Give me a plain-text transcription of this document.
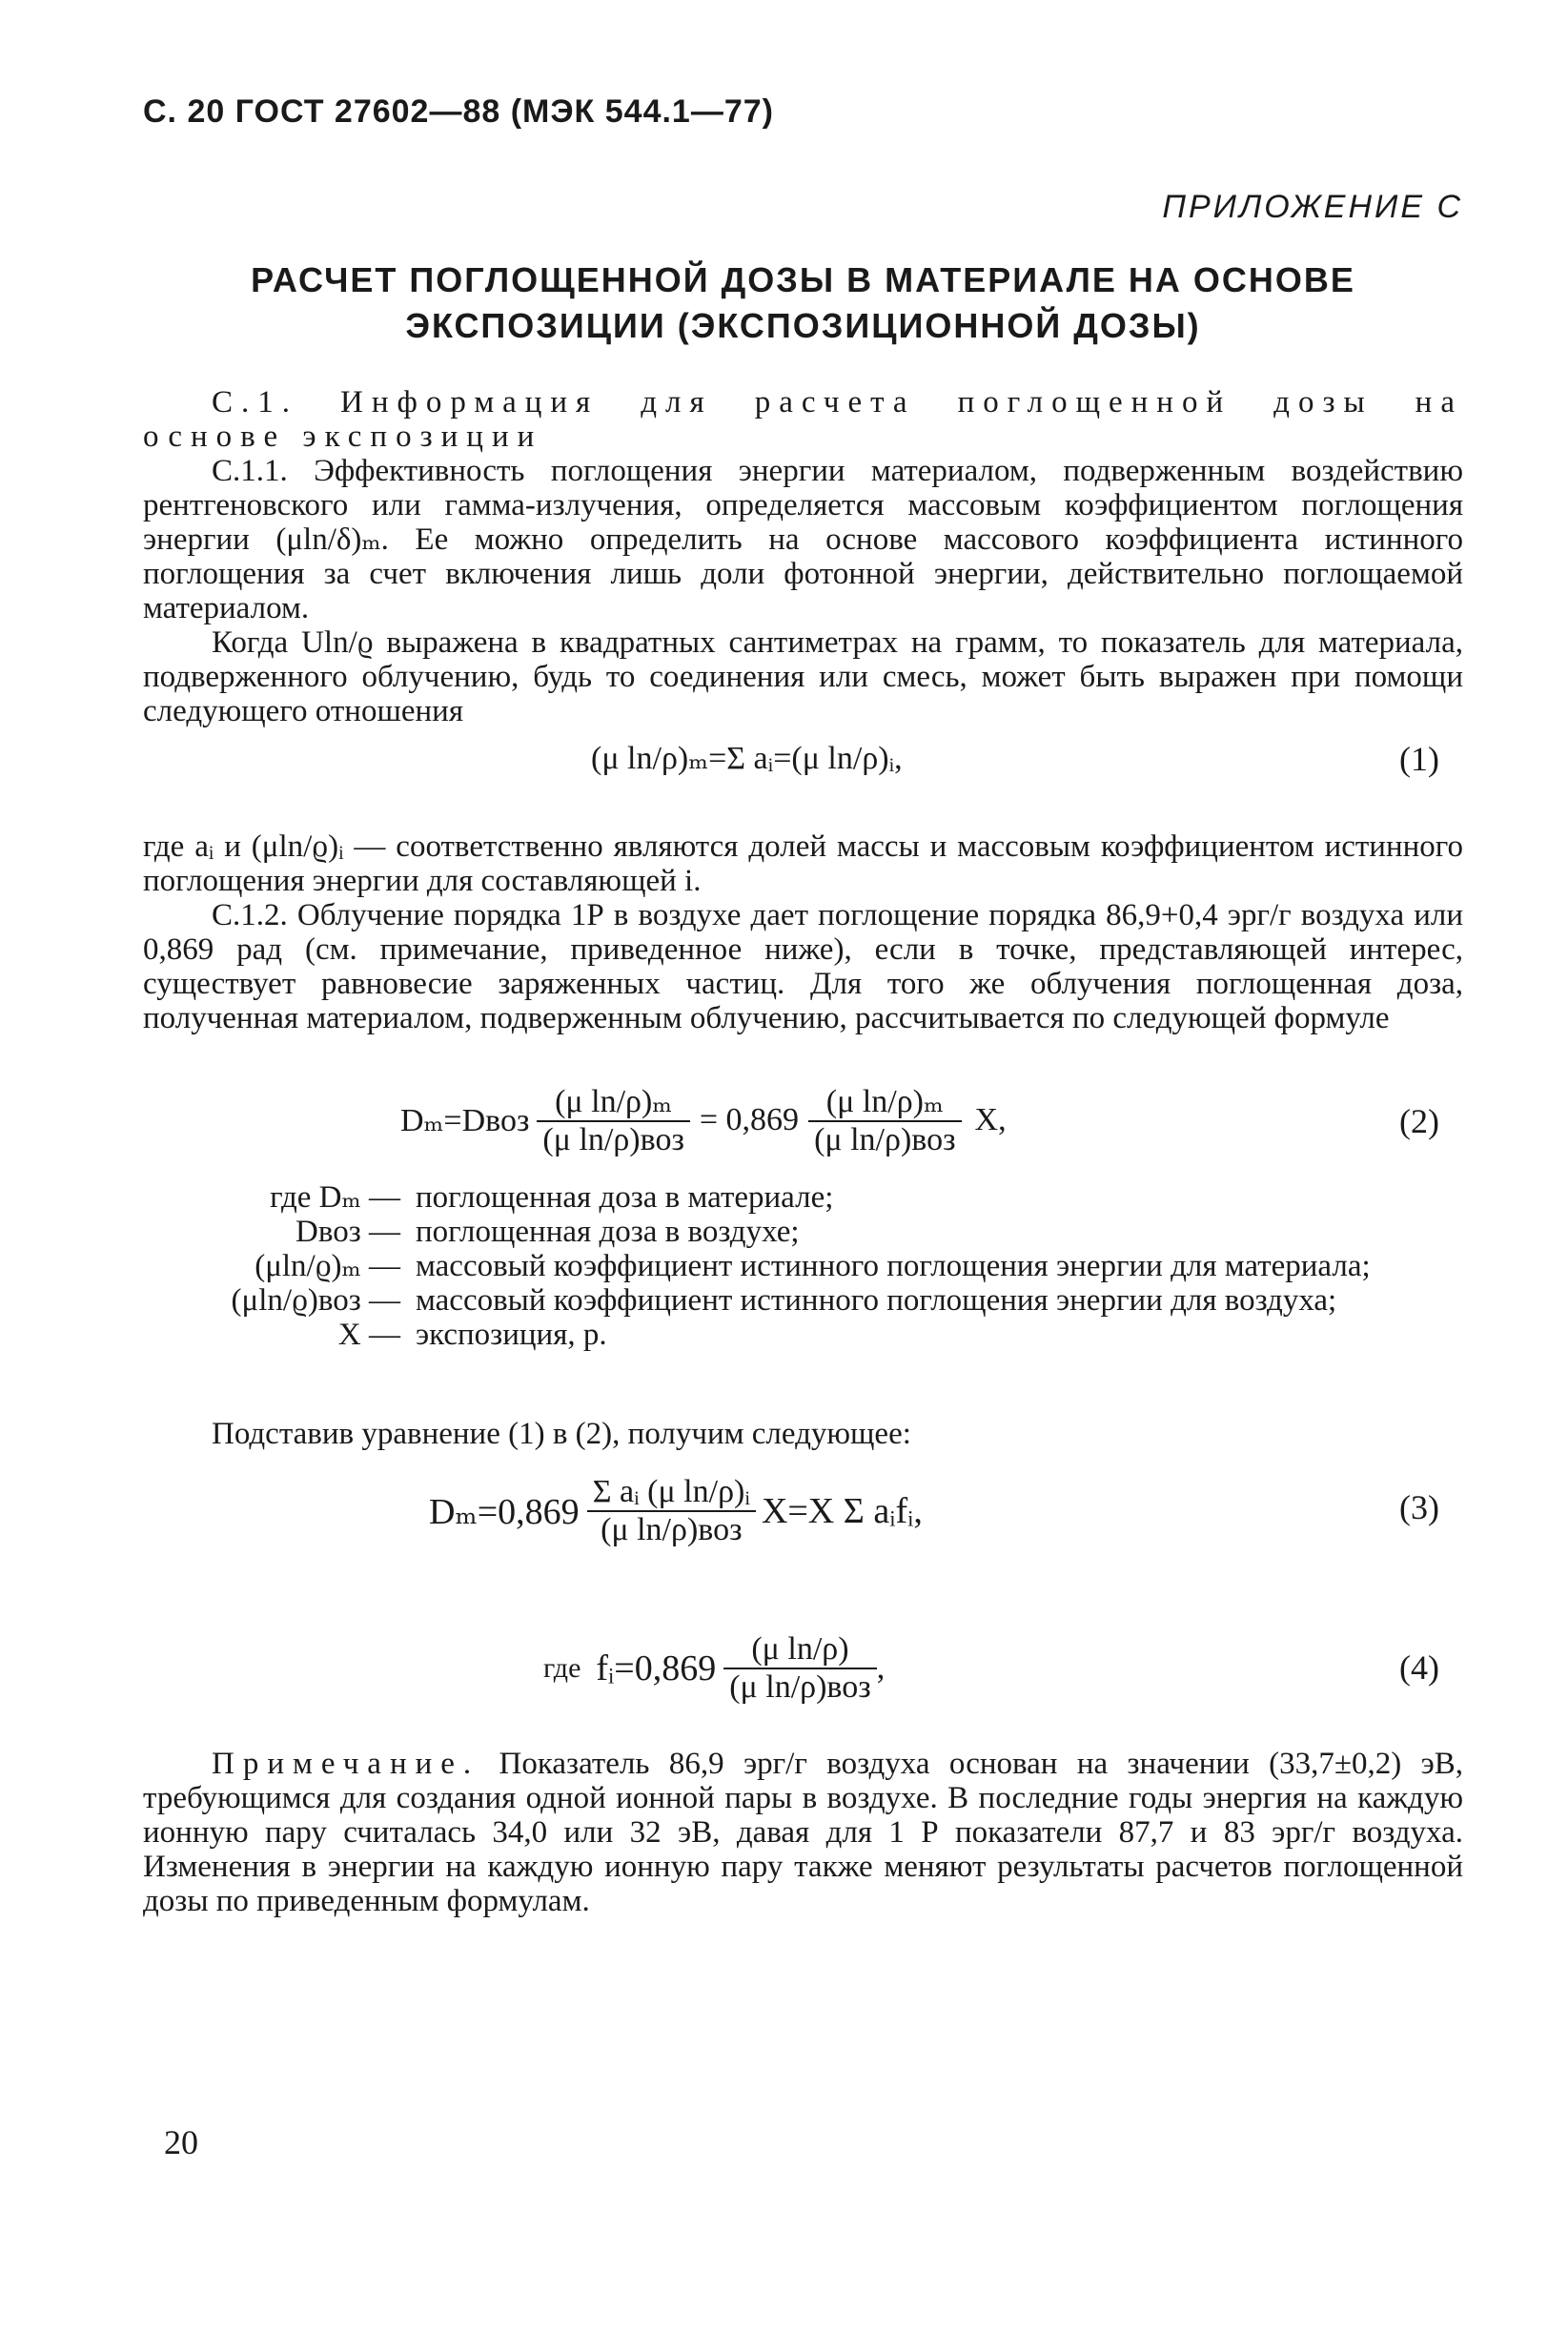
С. 20 ГОСТ 27602—88 (МЭК 544.1—77)
ПРИЛОЖЕНИЕ С
РАСЧЕТ ПОГЛОЩЕННОЙ ДОЗЫ В МАТЕРИАЛЕ НА ОСНОВЕ ЭКСПОЗИЦИИ (ЭКСПОЗИЦИОННОЙ ДОЗЫ)
С.1. Информация для расчета поглощенной дозы на основе экспозиции
С.1.1. Эффективность поглощения энергии материалом, подверженным воздействию рентгеновского или гамма-излучения, определяется массовым коэффициентом поглощения энергии (μln/δ)ₘ. Ее можно определить на основе массового коэффициента истинного поглощения за счет включения лишь доли фотонной энергии, действительно поглощаемой материалом.
Когда Uln/ϱ выражена в квадратных сантиметрах на грамм, то показатель для материала, подверженного облучению, будь то соединения или смесь, может быть выражен при помощи следующего отношения
(μ ln/ρ)ₘ=Σ aᵢ=(μ ln/ρ)ᵢ,	(1)
где aᵢ и (μln/ϱ)ᵢ — соответственно являются долей массы и массовым коэффициентом истинного поглощения энергии для составляющей i.
С.1.2. Облучение порядка 1Р в воздухе дает поглощение порядка 86,9+0,4 эрг/г воздуха или 0,869 рад (см. примечание, приведенное ниже), если в точке, представляющей интерес, существует равновесие заряженных частиц. Для того же облучения поглощенная доза, полученная материалом, подверженным облучению, рассчитывается по следующей формуле
Dₘ=Dвоз $\frac{\text{(μ ln/ρ)ₘ}}{\text{(μ ln/ρ)воз}} = 0,869 \frac{\text{(μ ln/ρ)ₘ}}{\text{(μ ln/ρ)воз}} X$,	(2)
где Dₘ — поглощенная доза в материале;
Dвоз — поглощенная доза в воздухе;
(μln/ϱ)ₘ — массовый коэффициент истинного поглощения энергии для материала;
(μln/ϱ)воз — массовый коэффициент истинного поглощения энергии для воздуха;
X — экспозиция, р.
Подставив уравнение (1) в (2), получим следующее:
$D_m=0,869 \frac{\text{Σ aᵢ (μ ln/ρ)ᵢ}}{\text{(μ ln/ρ)воз}} X=X$ Σ aᵢfᵢ,	(3)
где fᵢ=0,869 $\frac{\text{(μ ln/ρ)}}{\text{(μ ln/ρ)воз}}$ ,	(4)
Примечание. Показатель 86,9 эрг/г воздуха основан на значении (33,7±0,2) эВ, требующимся для создания одной ионной пары в воздухе. В последние годы энергия на каждую ионную пару считалась 34,0 или 32 эВ, давая для 1 Р показатели 87,7 и 83 эрг/г воздуха. Изменения в энергии на каждую ионную пару также меняют результаты расчетов поглощенной дозы по приведенным формулам.
20
